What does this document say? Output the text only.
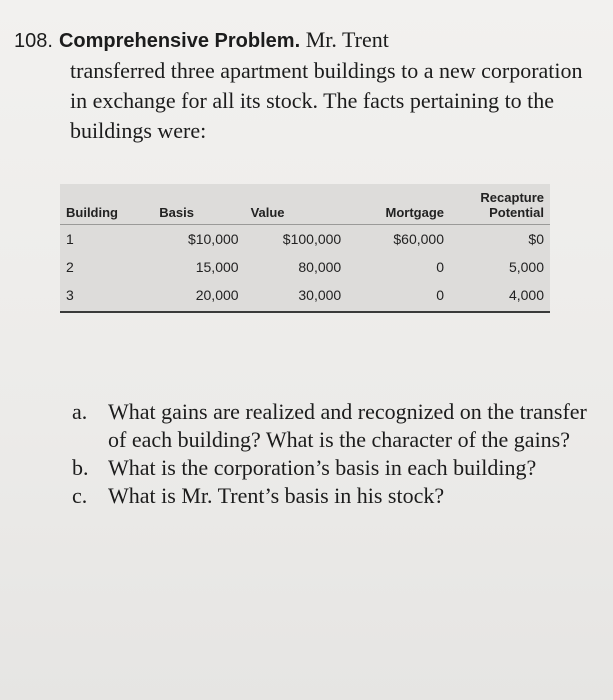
108. Comprehensive Problem. Mr. Trent
transferred three apartment buildings to a new corporation in exchange for all its stock. The facts pertaining to the buildings were:
Building	Basis	Value	Mortgage	Recapture Potential
1	$10,000	$100,000	$60,000	$0
2	15,000	80,000	0	5,000
3	20,000	30,000	0	4,000
a. What gains are realized and recognized on the transfer of each building? What is the character of the gains?
b. What is the corporation’s basis in each building?
c. What is Mr. Trent’s basis in his stock?
